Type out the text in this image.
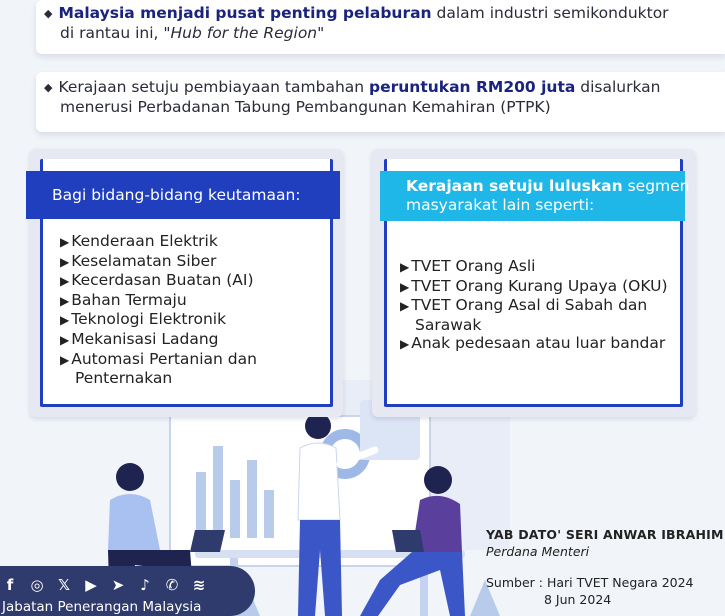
◆ Malaysia menjadi pusat penting pelaburan dalam industri semikonduktor
di rantau ini, "Hub for the Region"
◆ Kerajaan setuju pembiayaan tambahan peruntukan RM200 juta disalurkan
menerusi Perbadanan Tabung Pembangunan Kemahiran (PTPK)
Bagi bidang-bidang keutamaan:
▶ Kenderaan Elektrik
▶ Keselamatan Siber
▶ Kecerdasan Buatan (AI)
▶ Bahan Termaju
▶ Teknologi Elektronik
▶ Mekanisasi Ladang
▶ Automasi Pertanian dan
Penternakan
Kerajaan setuju luluskan segmen
masyarakat lain seperti:
▶ TVET Orang Asli
▶ TVET Orang Kurang Upaya (OKU)
▶ TVET Orang Asal di Sabah dan
Sarawak
▶ Anak pedesaan atau luar bandar
YAB DATO' SERI ANWAR IBRAHIM
Perdana Menteri
Sumber : Hari TVET Negara 2024
8 Jun 2024
f	◎ 𝕏 ▶ ➤ ♪ ✆ ≋
Jabatan Penerangan Malaysia
